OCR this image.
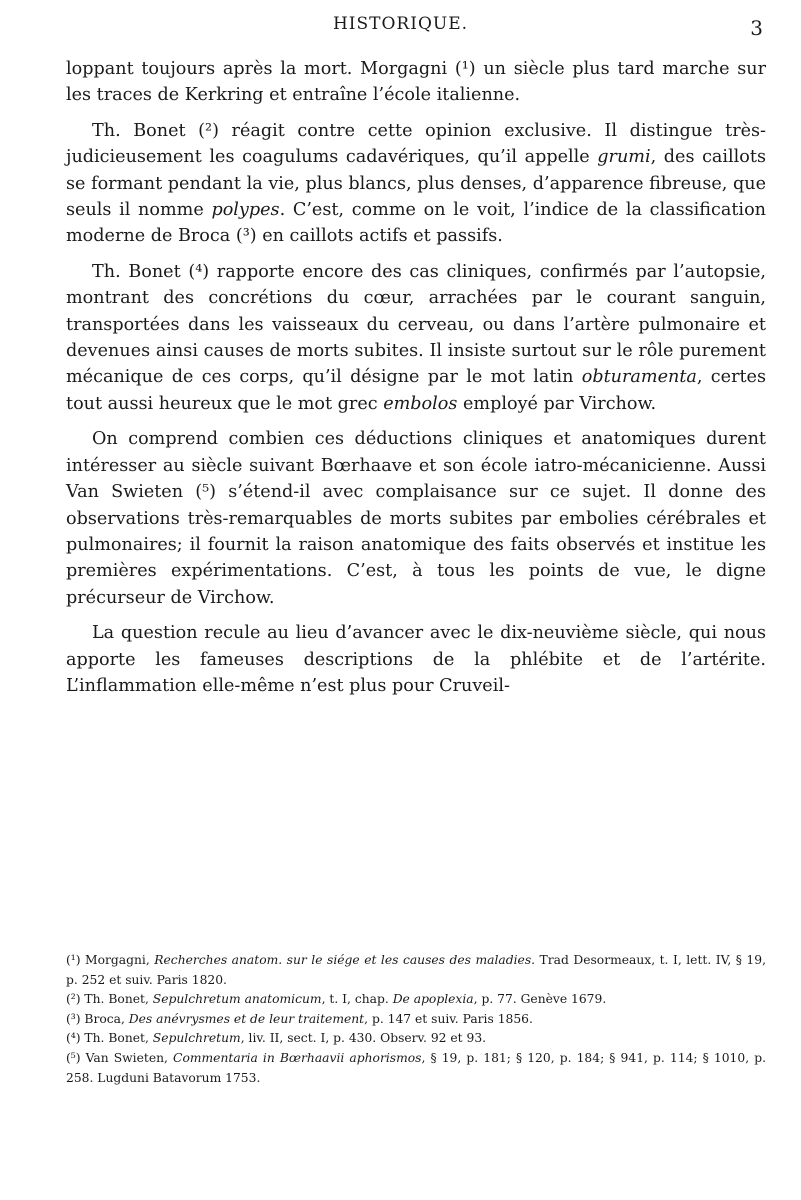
HISTORIQUE.	3

loppant toujours après la mort. Morgagni (¹) un siècle plus tard marche sur les traces de Kerkring et entraîne l’école italienne.

Th. Bonet (²) réagit contre cette opinion exclusive. Il distingue très-judicieusement les coagulums cadavériques, qu’il appelle grumi, des caillots se formant pendant la vie, plus blancs, plus denses, d’apparence fibreuse, que seuls il nomme polypes. C’est, comme on le voit, l’indice de la classification moderne de Broca (³) en caillots actifs et passifs.

Th. Bonet (⁴) rapporte encore des cas cliniques, confirmés par l’autopsie, montrant des concrétions du cœur, arrachées par le courant sanguin, transportées dans les vaisseaux du cerveau, ou dans l’artère pulmonaire et devenues ainsi causes de morts subites. Il insiste surtout sur le rôle purement mécanique de ces corps, qu’il désigne par le mot latin obturamenta, certes tout aussi heureux que le mot grec embolos employé par Virchow.

On comprend combien ces déductions cliniques et anatomiques durent intéresser au siècle suivant Bœrhaave et son école iatro-mécanicienne. Aussi Van Swieten (⁵) s’étend-il avec complaisance sur ce sujet. Il donne des observations très-remarquables de morts subites par embolies cérébrales et pulmonaires; il fournit la raison anatomique des faits observés et institue les premières expérimentations. C’est, à tous les points de vue, le digne précurseur de Virchow.

La question recule au lieu d’avancer avec le dix-neuvième siècle, qui nous apporte les fameuses descriptions de la phlébite et de l’artérite. L’inflammation elle-même n’est plus pour Cruveil-

(¹) Morgagni, Recherches anatom. sur le siége et les causes des maladies. Trad Desormeaux, t. I, lett. IV, § 19, p. 252 et suiv. Paris 1820.

(²) Th. Bonet, Sepulchretum anatomicum, t. I, chap. De apoplexia, p. 77. Genève 1679.

(³) Broca, Des anévrysmes et de leur traitement, p. 147 et suiv. Paris 1856.

(⁴) Th. Bonet, Sepulchretum, liv. II, sect. I, p. 430. Observ. 92 et 93.

(⁵) Van Swieten, Commentaria in Bœrhaavii aphorismos, § 19, p. 181; § 120, p. 184; § 941, p. 114; § 1010, p. 258. Lugduni Batavorum 1753.
